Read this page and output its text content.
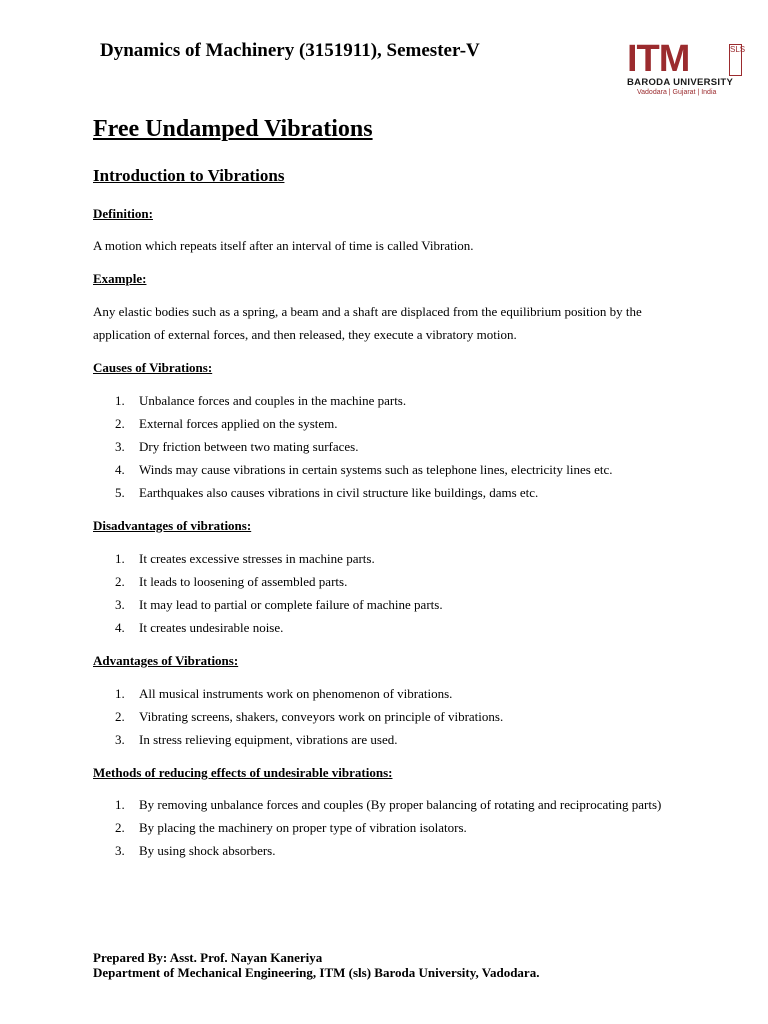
Dynamics of Machinery (3151911), Semester-V	ITM	SLS
BARODA UNIVERSITY
Vadodara | Gujarat | India
Free Undamped Vibrations
Introduction to Vibrations
Definition:
A motion which repeats itself after an interval of time is called Vibration.
Example:
Any elastic bodies such as a spring, a beam and a shaft are displaced from the equilibrium position by the application of external forces, and then released, they execute a vibratory motion.
Causes of Vibrations:
1. Unbalance forces and couples in the machine parts.
2. External forces applied on the system.
3. Dry friction between two mating surfaces.
4. Winds may cause vibrations in certain systems such as telephone lines, electricity lines etc.
5. Earthquakes also causes vibrations in civil structure like buildings, dams etc.
Disadvantages of vibrations:
1. It creates excessive stresses in machine parts.
2. It leads to loosening of assembled parts.
3. It may lead to partial or complete failure of machine parts.
4. It creates undesirable noise.
Advantages of Vibrations:
1. All musical instruments work on phenomenon of vibrations.
2. Vibrating screens, shakers, conveyors work on principle of vibrations.
3. In stress relieving equipment, vibrations are used.
Methods of reducing effects of undesirable vibrations:
1. By removing unbalance forces and couples (By proper balancing of rotating and reciprocating parts)
2. By placing the machinery on proper type of vibration isolators.
3. By using shock absorbers.
Prepared By: Asst. Prof. Nayan Kaneriya
Department of Mechanical Engineering, ITM (sls) Baroda University, Vadodara.
